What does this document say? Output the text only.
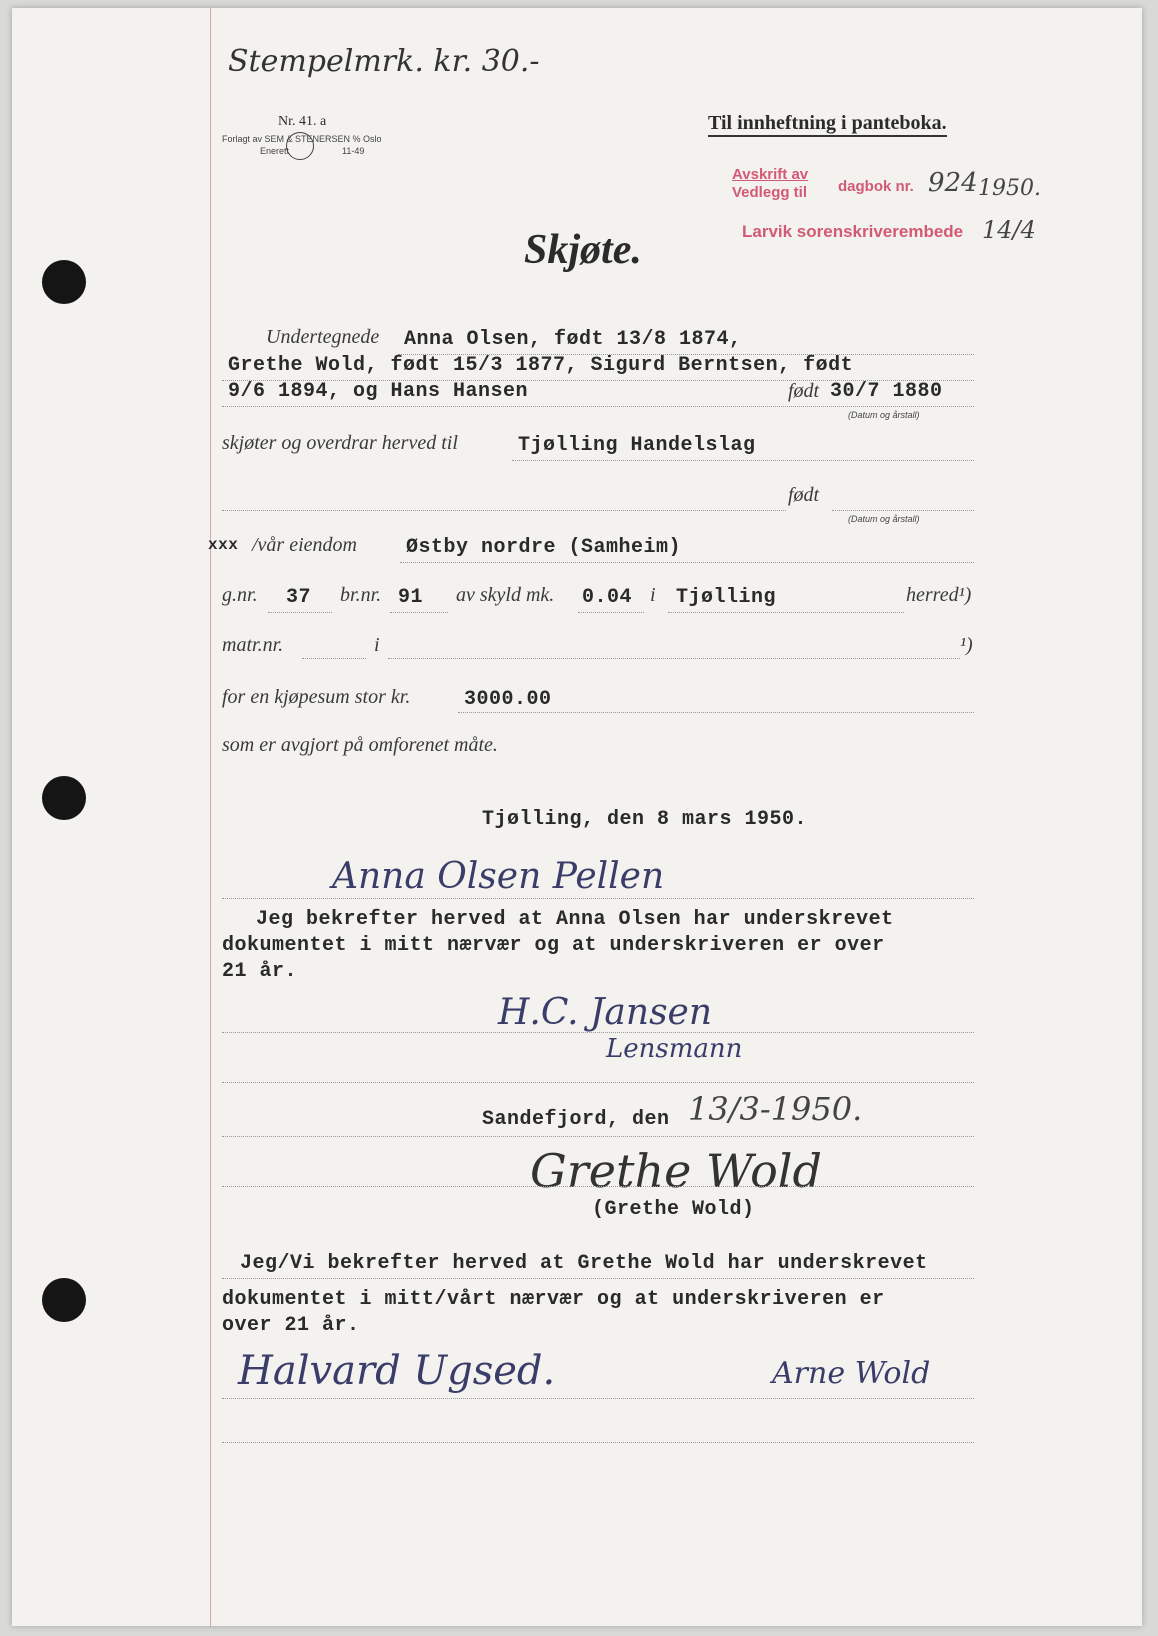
Stempelmrk. kr. 30.-
Nr. 41. a
Forlagt av SEM & STENERSEN % Oslo
Enerett	11-49
Til innheftning i panteboka.
Avskrift av
Vedlegg til dagbok nr. 924 1950.
Larvik sorenskriverembede 14/4
Skjøte.
Undertegnede Anna Olsen, født 13/8 1874,
Grethe Wold, født 15/3 1877, Sigurd Berntsen, født
9/6 1894, og Hans Hansen	født 30/7 1880
(Datum og årstall)
skjøter og overdrar herved til	Tjølling Handelslag
født
(Datum og årstall)
xxx /vår eiendom Østby nordre (Samheim)
g.nr. 37 br.nr. 91 av skyld mk. 0.04 i Tjølling	herred¹)
matr.nr.	i	¹)
for en kjøpesum stor kr.	3000.00
som er avgjort på omforenet måte.
Tjølling, den 8 mars 1950.
Anna Olsen Pellen
Jeg bekrefter herved at Anna Olsen har underskrevet
dokumentet i mitt nærvær og at underskriveren er over
21 år.
H.C. Jansen
Lensmann
Sandefjord, den 13/3-1950.
Grethe Wold
(Grethe Wold)
Jeg/Vi bekrefter herved at Grethe Wold har underskrevet
dokumentet i mitt/vårt nærvær og at underskriveren er
over 21 år.
Halvard Ugsed.	Arne Wold
